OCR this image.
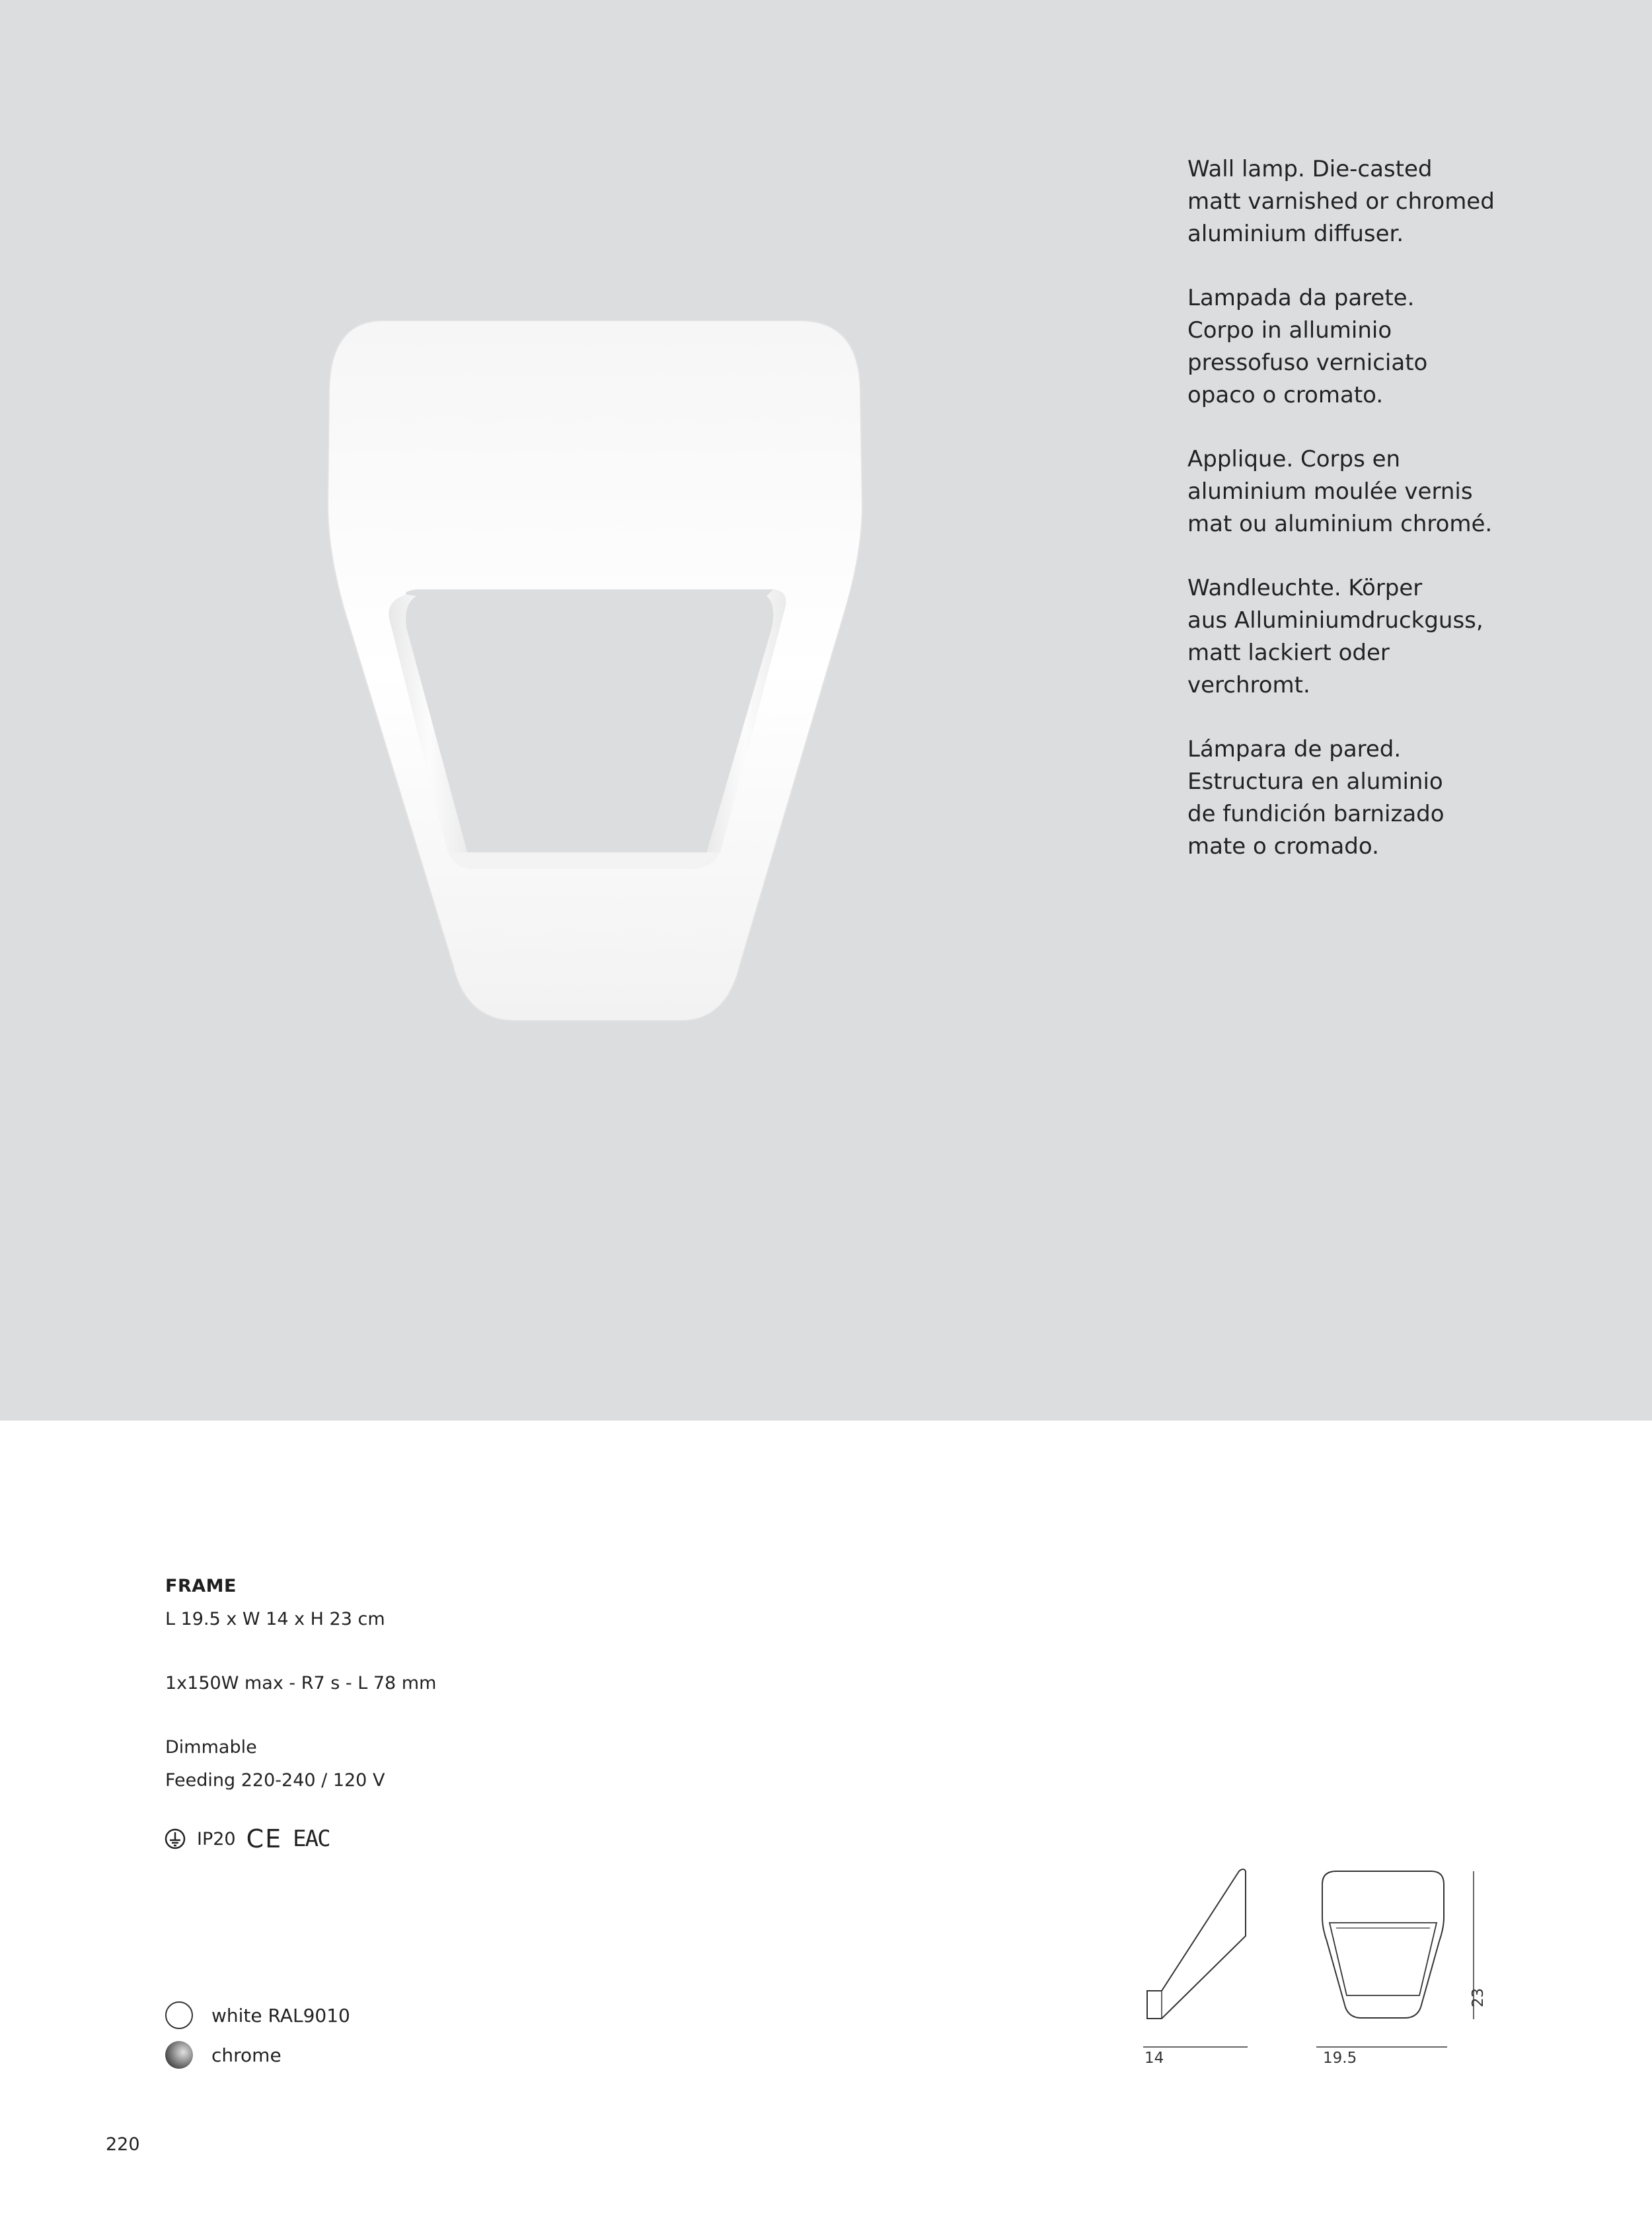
Wall lamp. Die-casted
matt varnished or chromed
aluminium diffuser.

Lampada da parete.
Corpo in alluminio
pressofuso verniciato
opaco o cromato.

Applique. Corps en
aluminium moulée vernis
mat ou aluminium chromé.

Wandleuchte. Körper
aus Alluminiumdruckguss,
matt lackiert oder
verchromt.

Lámpara de pared.
Estructura en aluminio
de fundición barnizado
mate o cromado.

FRAME
L 19.5 x W 14 x H 23 cm
1x150W max - R7 s - L 78 mm
Dimmable
Feeding 220-240 / 120 V
IP20 CE EAC
white RAL9010
chrome	14	19.5
23
220
